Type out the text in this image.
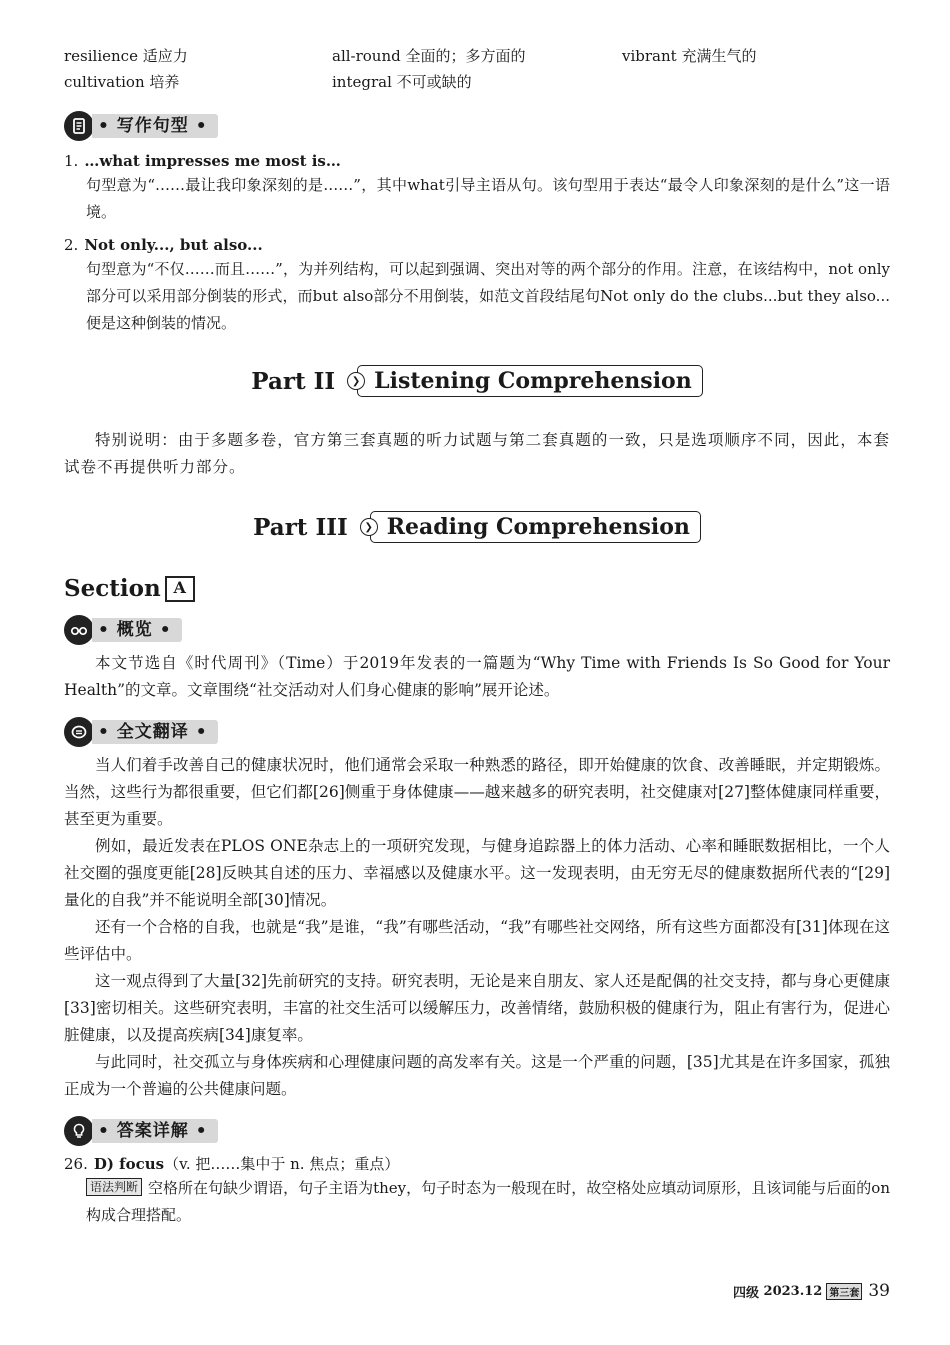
resilience 适应力	all-round 全面的；多方面的	vibrant 充满生气的
cultivation 培养	integral 不可或缺的
• 写作句型 •
1. …what impresses me most is…

句型意为“……最让我印象深刻的是……”，其中what引导主语从句。该句型用于表达“最令人印象深刻的是什么”这一语境。

2. Not only..., but also...

句型意为“不仅……而且……”，为并列结构，可以起到强调、突出对等的两个部分的作用。注意，在该结构中，not only部分可以采用部分倒装的形式，而but also部分不用倒装，如范文首段结尾句Not only do the clubs...but they also...便是这种倒装的情况。

Part II	❯ Listening Comprehension

特别说明：由于多题多卷，官方第三套真题的听力试题与第二套真题的一致，只是选项顺序不同，因此，本套试卷不再提供听力部分。

Part III	❯ Reading Comprehension
Section A
• 概览 •

本文节选自《时代周刊》（Time）于2019年发表的一篇题为“Why Time with Friends Is So Good for Your Health”的文章。文章围绕“社交活动对人们身心健康的影响”展开论述。

• 全文翻译 •

当人们着手改善自己的健康状况时，他们通常会采取一种熟悉的路径，即开始健康的饮食、改善睡眠，并定期锻炼。当然，这些行为都很重要，但它们都[26]侧重于身体健康——越来越多的研究表明，社交健康对[27]整体健康同样重要，甚至更为重要。

例如，最近发表在PLOS ONE杂志上的一项研究发现，与健身追踪器上的体力活动、心率和睡眠数据相比，一个人社交圈的强度更能[28]反映其自述的压力、幸福感以及健康水平。这一发现表明，由无穷无尽的健康数据所代表的“[29]量化的自我”并不能说明全部[30]情况。

还有一个合格的自我，也就是“我”是谁，“我”有哪些活动，“我”有哪些社交网络，所有这些方面都没有[31]体现在这些评估中。

这一观点得到了大量[32]先前研究的支持。研究表明，无论是来自朋友、家人还是配偶的社交支持，都与身心更健康[33]密切相关。这些研究表明，丰富的社交生活可以缓解压力，改善情绪，鼓励积极的健康行为，阻止有害行为，促进心脏健康，以及提高疾病[34]康复率。

与此同时，社交孤立与身体疾病和心理健康问题的高发率有关。这是一个严重的问题，[35]尤其是在许多国家，孤独正成为一个普遍的公共健康问题。

• 答案详解 •
26. D) focus（v. 把……集中于 n. 焦点；重点）

语法判断 空格所在句缺少谓语，句子主语为they，句子时态为一般现在时，故空格处应填动词原形，且该词能与后面的on构成合理搭配。

四级
2023.12 第三套 39
